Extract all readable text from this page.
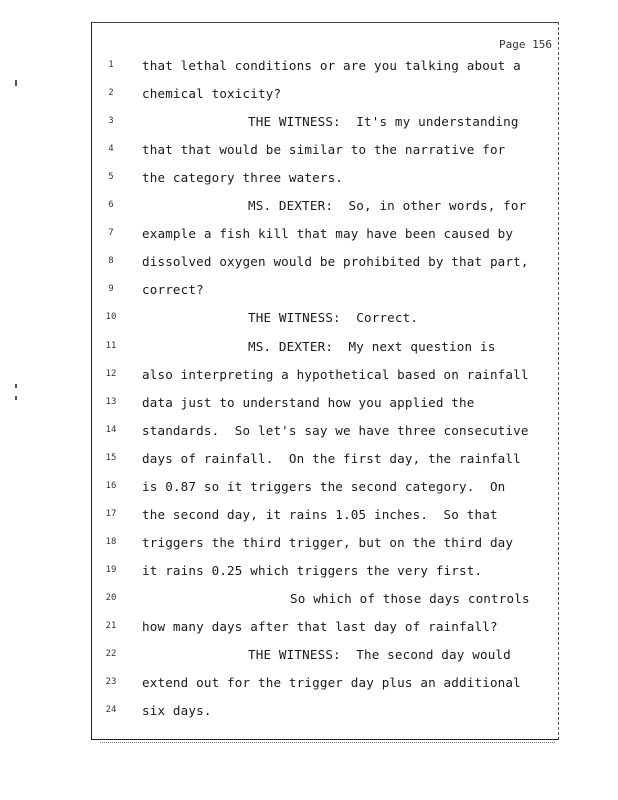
Page 156
1	that lethal conditions or are you talking about a
2	chemical toxicity?
3	THE WITNESS:  It's my understanding
4	that that would be similar to the narrative for
5	the category three waters.
6	MS. DEXTER:  So, in other words, for
7	example a fish kill that may have been caused by
8	dissolved oxygen would be prohibited by that part,
9	correct?
10	THE WITNESS:  Correct.
11	MS. DEXTER:  My next question is
12	also interpreting a hypothetical based on rainfall
13	data just to understand how you applied the
14	standards.  So let's say we have three consecutive
15	days of rainfall.  On the first day, the rainfall
16	is 0.87 so it triggers the second category.  On
17	the second day, it rains 1.05 inches.  So that
18	triggers the third trigger, but on the third day
19	it rains 0.25 which triggers the very first.
20	So which of those days controls
21	how many days after that last day of rainfall?
22	THE WITNESS:  The second day would
23	extend out for the trigger day plus an additional
24	six days.
